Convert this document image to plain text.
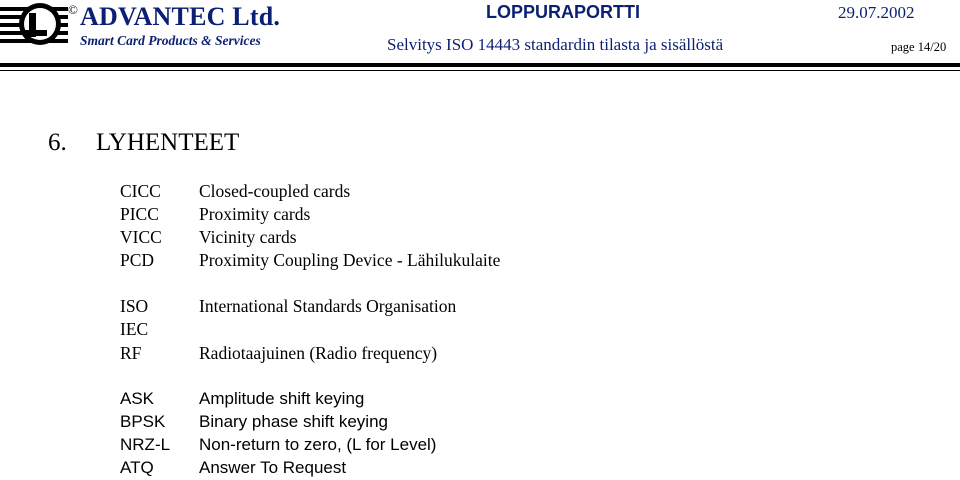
© ADVANTEC Ltd.
Smart Card Products & Services
LOPPURAPORTTI	29.07.2002
Selvitys ISO 14443 standardin tilasta ja sisällöstä	page 14/20
6. LYHENTEET
CICC Closed-coupled cards
PICC Proximity cards
VICC Vicinity cards
PCD	Proximity Coupling Device - Lähilukulaite
ISO	International Standards Organisation
IEC
RF	Radiotaajuinen (Radio frequency)
ASK	Amplitude shift keying
BPSK Binary phase shift keying
NRZ-L Non-return to zero, (L for Level)
ATQ	Answer To Request
